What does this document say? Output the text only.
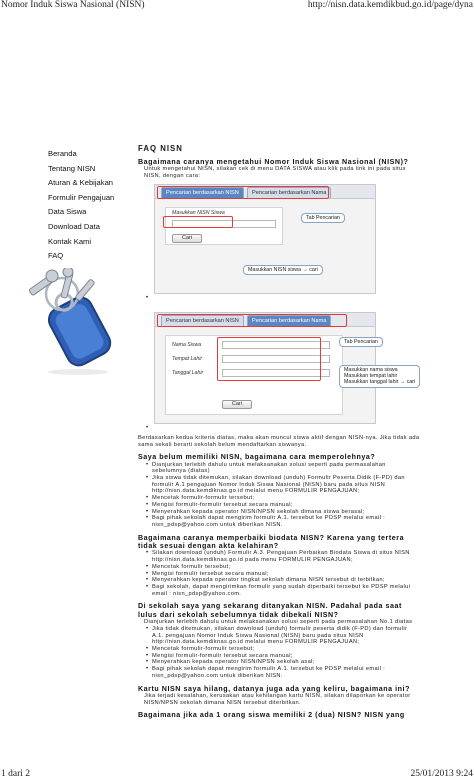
Nomor Induk Siswa Nasional (NISN)	http://nisn.data.kemdikbud.go.id/page/dyna
Beranda
Tentang NISN
Aturan & Kebijakan
Formulir Pengajuan
Data Siswa
Download Data
Kontak Kami
FAQ
FAQ NISN
Bagaimana caranya mengetahui Nomor Induk Siswa Nasional (NISN)?
Untuk mengetahui NISN, silakan cek di menu DATA SISWA atau klik pada link ini pada situs NISN, dengan cara:
Pencarian berdasarkan NISN	Pencarian berdasarkan Nama
Masukkan NISN Siswa
Cari
Tab Pencarian
Masukkan NISN siswa → cari
•
Pencarian berdasarkan NISN	Pencarian berdasarkan Nama
Nama Siswa
Tempat Lahir
Tanggal Lahir
Cari
Tab Pencarian
Masukkan nama siswa
Masukkan tempat lahir
Masukkan tanggal lahir → cari
•
Berdasarkan kedua kriteria diatas, maka akan muncul siswa aktif dengan NISN-nya. Jika tidak ada sama sekali berarti sekolah belum mendaftarkan siswanya.
Saya belum memiliki NISN, bagaimana cara memperolehnya?
• Dianjurkan terlebih dahulu untuk melaksanakan solusi seperti pada permasalahan sebelumnya (diatas)
• Jika siswa tidak ditemukan, silakan download (unduh) Formulir Peserta Didik (F-PD) dan formulir A.1 pengajuan Nomor Induk Siswa Nasional (NISN) baru pada situs NISN http://nisn.data.kemdiknas.go.id melalui menu FORMULIR PENGAJUAN;
• Mencetak formulir-formulir tersebut;
• Mengisi formulir-formulir tersebut secara manual;
• Menyerahkan kepada operator NISN/NPSN sekolah dimana siswa berasal;
• Bagi pihak sekolah dapat mengirim formulir A.1. tersebut ke PDSP melalui email : nisn_pdsp@yahoo.com untuk diberikan NISN.
Bagaimana caranya memperbaiki biodata NISN? Karena yang tertera tidak sesuai dengan akta kelahiran?
• Silakan download (unduh) Formulir A.3. Pengajuan Perbaikan Biodata Siswa di situs NISN http://nisn.data.kemdiknas.go.id pada menu FORMULIR PENGAJUAN;
• Mencetak formulir tersebut;
• Mengisi formulir tersebut secara manual;
• Menyerahkan kepada operator tingkat sekolah dimana NISN tersebut di terbitkan;
• Bagi sekolah, dapat mengirimkan formulir yang sudah diperbaiki tersebut ke PDSP melalui email : nisn_pdsp@yahoo.com.
Di sekolah saya yang sekarang ditanyakan NISN. Padahal pada saat lulus dari sekolah sebelumnya tidak dibekali NISN?
Dianjurkan terlebih dahulu untuk melaksanakan solusi seperti pada permasalahan No.1 diatas
• Jika tidak ditemukan, silakan download (unduh) formulir peserta didik (F-PD) dan formulir A.1. pengajuan Nomor Induk Siswa Nasional (NISN) baru pada situs NISN http://nisn.data.kemdiknas.go.id melalui menu FORMULIR PENGAJUAN;
• Mencetak formulir-formulir tersebut;
• Mengisi formulir-formulir tersebut secara manual;
• Menyerahkan kepada operator NISN/NPSN sekolah asal;
• Bagi pihak sekolah dapat mengirim formulir A.1. tersebut ke PDSP melalui email : nisn_pdsp@yahoo.com untuk diberikan NISN.
Kartu NISN saya hilang, datanya juga ada yang keliru, bagaimana ini?
Jika terjadi kesalahan, kerusakan atau kehilangan kartu NISN, silakan dilaporkan ke operator NISN/NPSN sekolah dimana NISN tersebut diterbitkan.
Bagaimana jika ada 1 orang siswa memiliki 2 (dua) NISN? NISN yang
1 dari 2	25/01/2013 9:24
